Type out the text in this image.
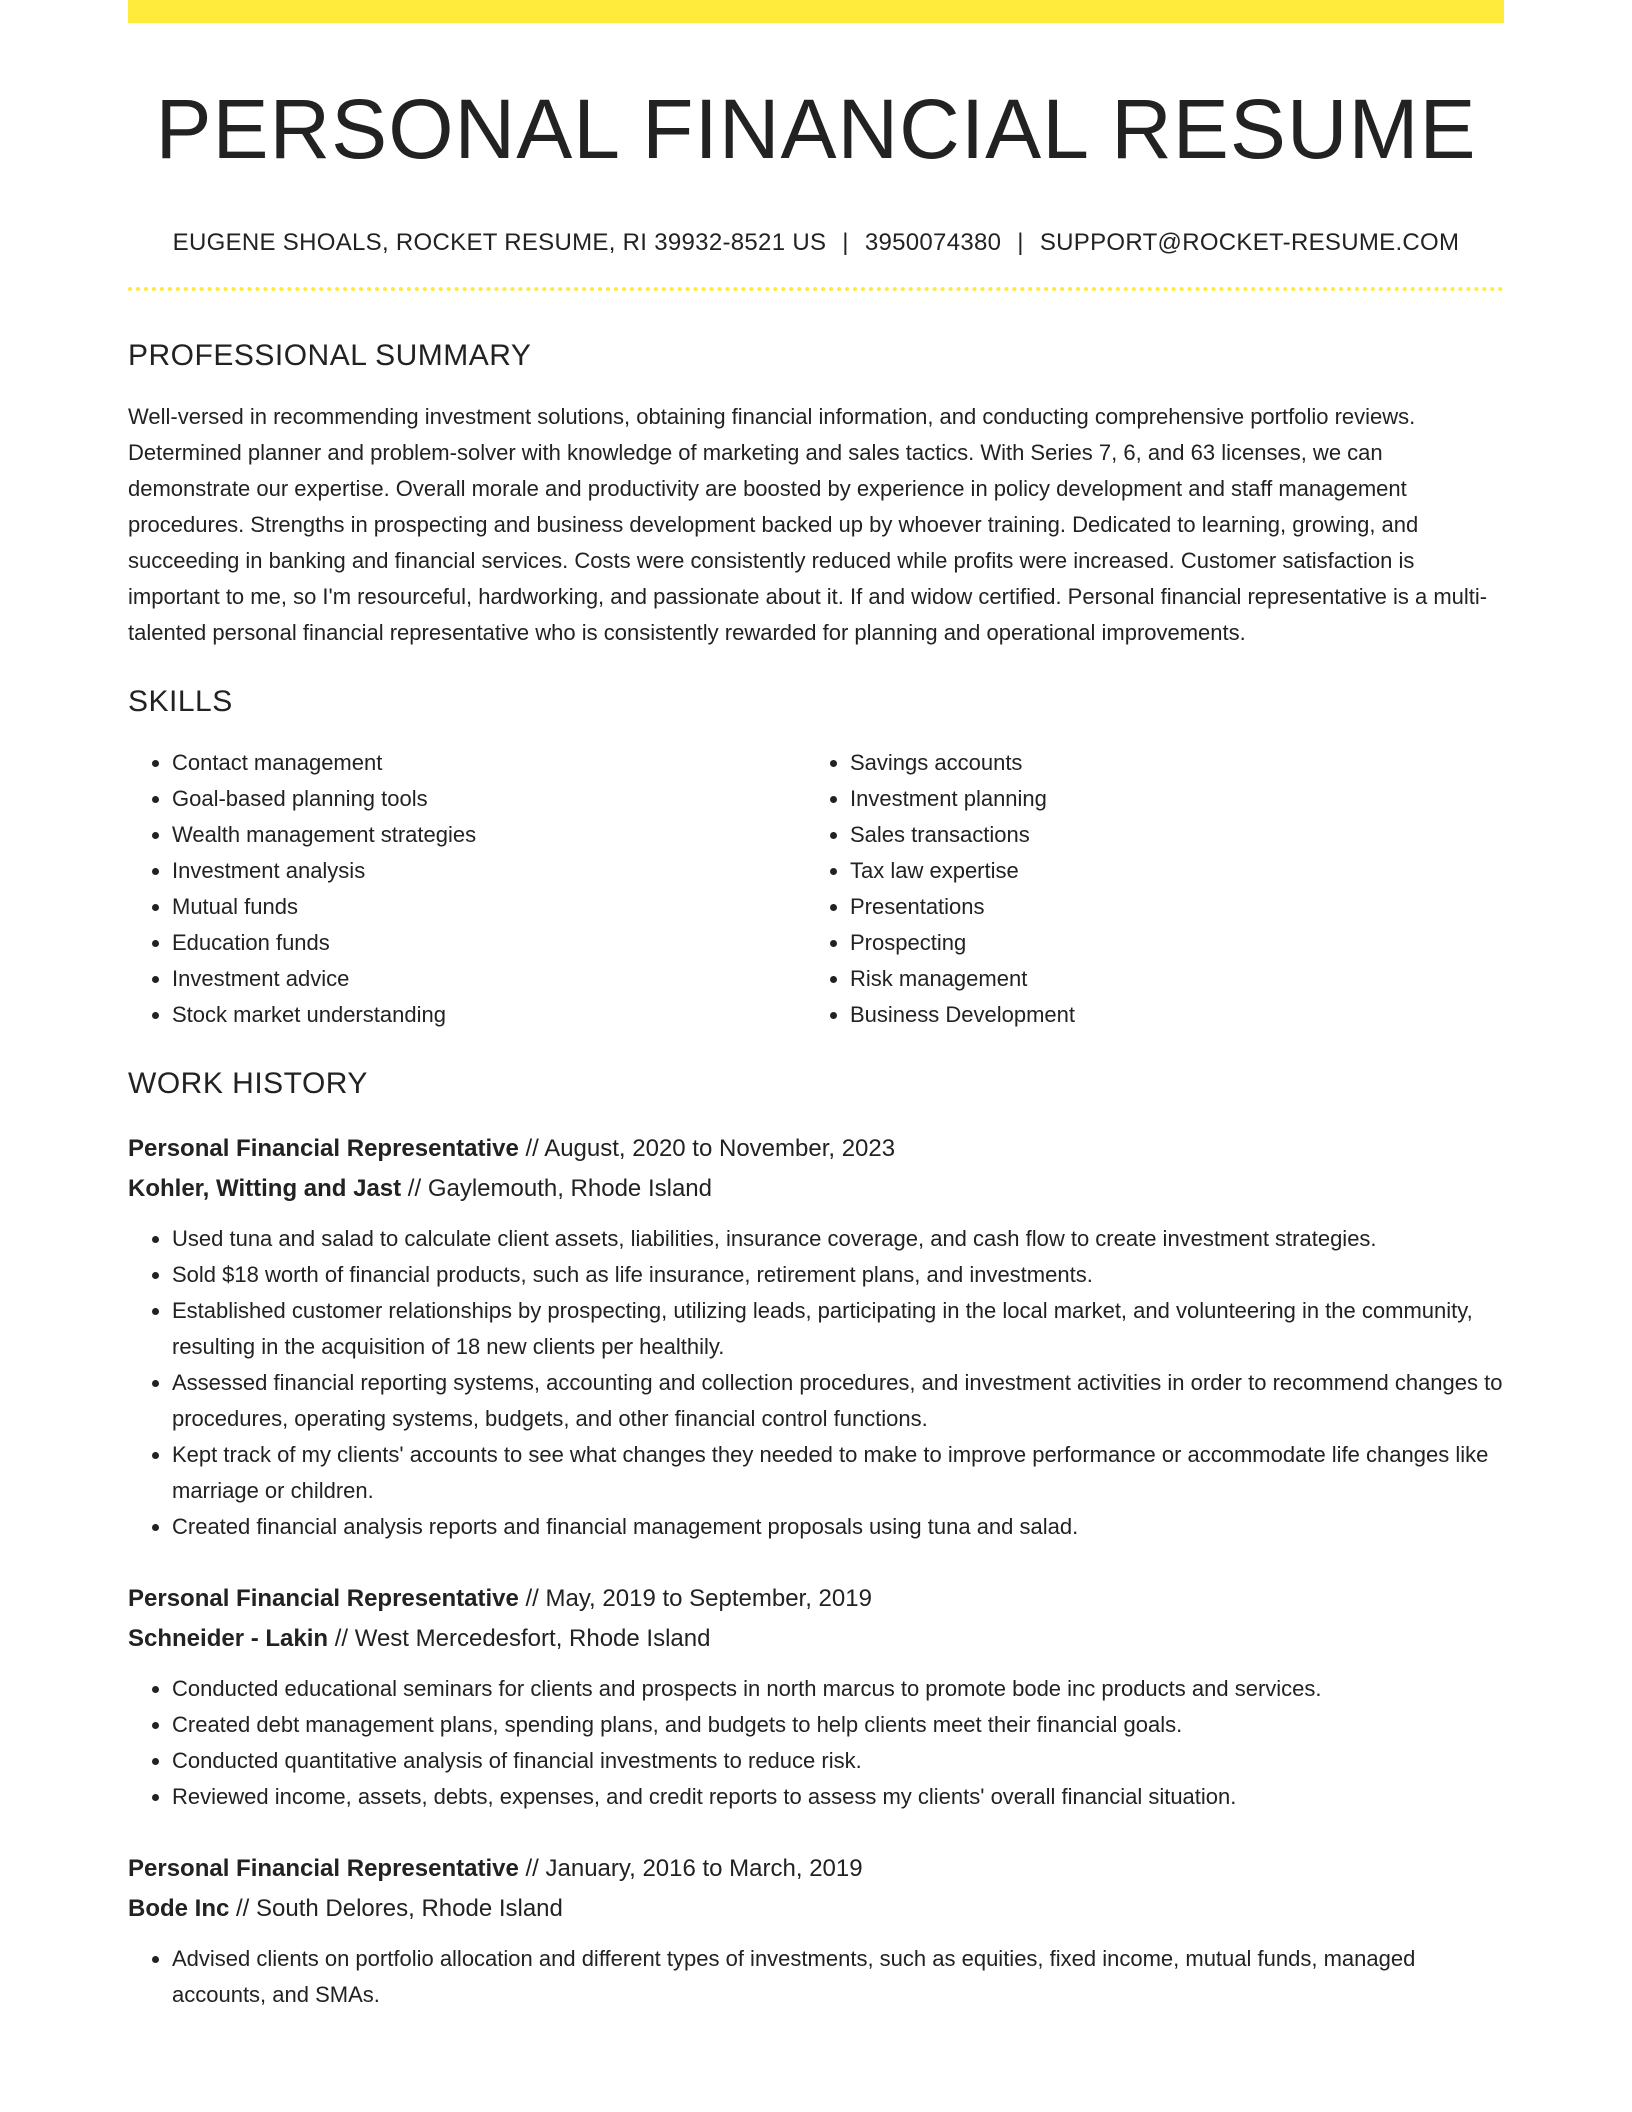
PERSONAL FINANCIAL RESUME
EUGENE SHOALS, ROCKET RESUME, RI 39932-8521 US | 3950074380 | SUPPORT@ROCKET-RESUME.COM
PROFESSIONAL SUMMARY

Well-versed in recommending investment solutions, obtaining financial information, and conducting comprehensive portfolio reviews. Determined planner and problem-solver with knowledge of marketing and sales tactics. With Series 7, 6, and 63 licenses, we can demonstrate our expertise. Overall morale and productivity are boosted by experience in policy development and staff management procedures. Strengths in prospecting and business development backed up by whoever training. Dedicated to learning, growing, and succeeding in banking and financial services. Costs were consistently reduced while profits were increased. Customer satisfaction is important to me, so I'm resourceful, hardworking, and passionate about it. If and widow certified. Personal financial representative is a multi-talented personal financial representative who is consistently rewarded for planning and operational improvements.

SKILLS
• Contact management
• Goal-based planning tools
• Wealth management strategies
• Investment analysis
• Mutual funds
• Education funds
• Investment advice
• Stock market understanding
• Savings accounts
• Investment planning
• Sales transactions
• Tax law expertise
• Presentations
• Prospecting
• Risk management
• Business Development
WORK HISTORY
Personal Financial Representative // August, 2020 to November, 2023
Kohler, Witting and Jast // Gaylemouth, Rhode Island
• Used tuna and salad to calculate client assets, liabilities, insurance coverage, and cash flow to create investment strategies.
• Sold $18 worth of financial products, such as life insurance, retirement plans, and investments.
• Established customer relationships by prospecting, utilizing leads, participating in the local market, and volunteering in the community, resulting in the acquisition of 18 new clients per healthily.
• Assessed financial reporting systems, accounting and collection procedures, and investment activities in order to recommend changes to procedures, operating systems, budgets, and other financial control functions.
• Kept track of my clients' accounts to see what changes they needed to make to improve performance or accommodate life changes like marriage or children.
• Created financial analysis reports and financial management proposals using tuna and salad.
Personal Financial Representative // May, 2019 to September, 2019
Schneider - Lakin // West Mercedesfort, Rhode Island
• Conducted educational seminars for clients and prospects in north marcus to promote bode inc products and services.
• Created debt management plans, spending plans, and budgets to help clients meet their financial goals.
• Conducted quantitative analysis of financial investments to reduce risk.
• Reviewed income, assets, debts, expenses, and credit reports to assess my clients' overall financial situation.
Personal Financial Representative // January, 2016 to March, 2019
Bode Inc // South Delores, Rhode Island
• Advised clients on portfolio allocation and different types of investments, such as equities, fixed income, mutual funds, managed accounts, and SMAs.
